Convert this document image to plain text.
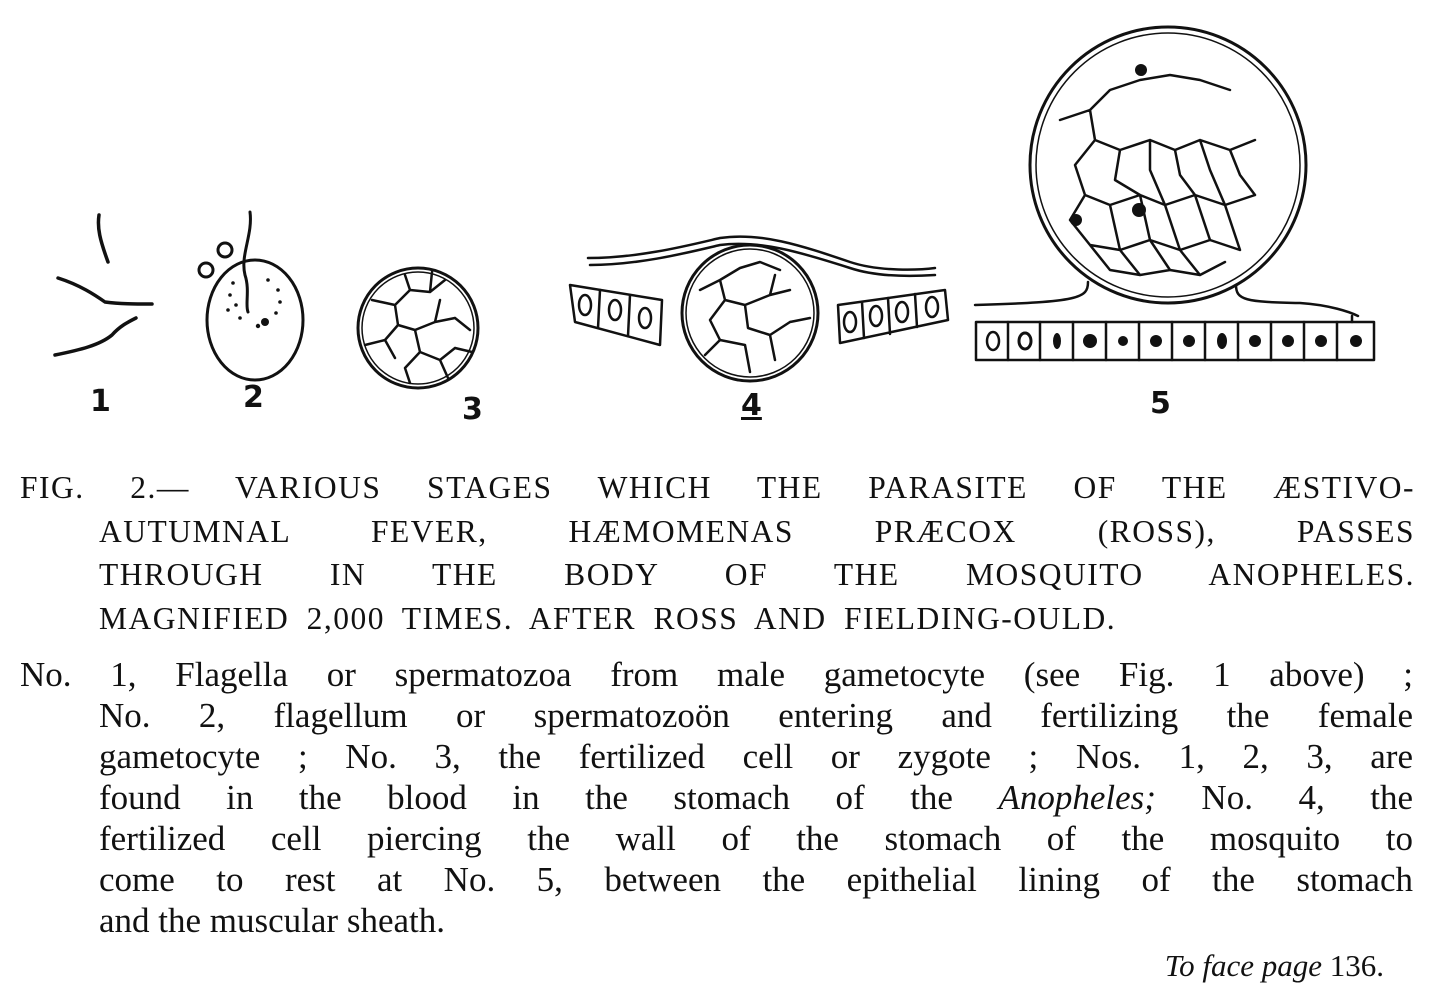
1	2	3	4	5
FIG. 2.— VARIOUS STAGES WHICH THE PARASITE OF THE ÆSTIVO-
AUTUMNAL FEVER, HÆMOMENAS PRÆCOX (ROSS), PASSES
THROUGH IN THE BODY OF THE MOSQUITO ANOPHELES.
MAGNIFIED 2,000 TIMES. AFTER ROSS AND FIELDING-OULD.
No. 1, Flagella or spermatozoa from male gametocyte (see Fig. 1 above) ;
No. 2, flagellum or spermatozoön entering and fertilizing the female
gametocyte ; No. 3, the fertilized cell or zygote ; Nos. 1, 2, 3, are
found in the blood in the stomach of the Anopheles; No. 4, the
fertilized cell piercing the wall of the stomach of the mosquito to
come to rest at No. 5, between the epithelial lining of the stomach
and the muscular sheath.
To face page 136.
